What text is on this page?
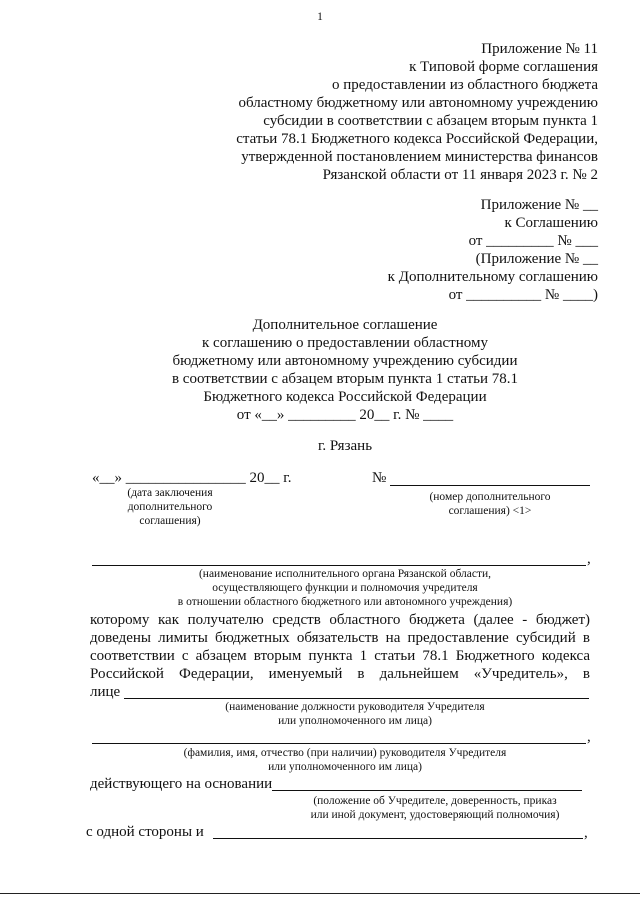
1
Приложение № 11
к Типовой форме соглашения
о предоставлении из областного бюджета
областному бюджетному или автономному учреждению
субсидии в соответствии с абзацем вторым пункта 1
статьи 78.1 Бюджетного кодекса Российской Федерации,
утвержденной постановлением министерства финансов
Рязанской области от 11 января 2023 г. № 2
Приложение № __
к Соглашению
от _________ № ___
(Приложение № __
к Дополнительному соглашению
от __________ № ____)
Дополнительное соглашение
к соглашению о предоставлении областному
бюджетному или автономному учреждению субсидии
в соответствии с абзацем вторым пункта 1 статьи 78.1
Бюджетного кодекса Российской Федерации
от «__» _________ 20__ г. № ____
г. Рязань
«__» ________________ 20__ г.
(дата заключения
дополнительного
соглашения)
№
(номер дополнительного
соглашения) <1>
,
(наименование исполнительного органа Рязанской области,
осуществляющего функции и полномочия учредителя
в отношении областного бюджетного или автономного учреждения)
которому как получателю средств областного бюджета (далее - бюджет)
доведены лимиты бюджетных обязательств на предоставление субсидий в
соответствии с абзацем вторым пункта 1 статьи 78.1 Бюджетного кодекса
Российской Федерации, именуемый в дальнейшем «Учредитель», в
лице
(наименование должности руководителя Учредителя
или уполномоченного им лица)
,
(фамилия, имя, отчество (при наличии) руководителя Учредителя
или уполномоченного им лица)
действующего на основании
(положение об Учредителе, доверенность, приказ
или иной документ, удостоверяющий полномочия)
с одной стороны и	,
